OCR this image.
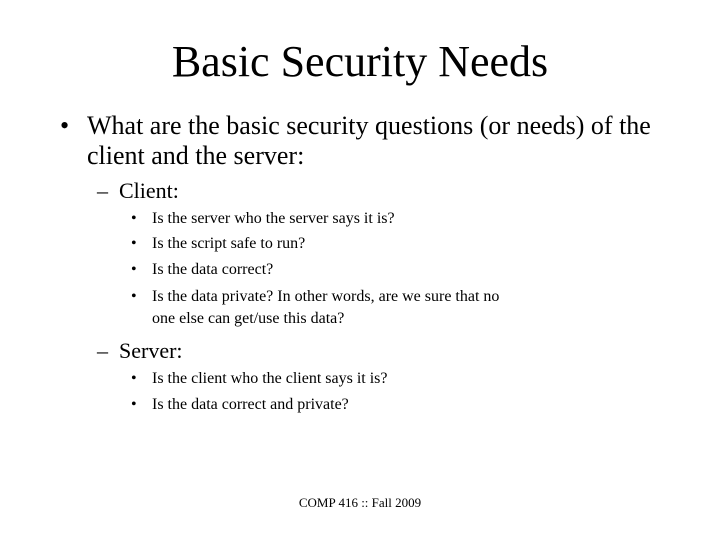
Basic Security Needs
• What are the basic security questions (or needs) of the client and the server:
– Client:
• Is the server who the server says it is?
• Is the script safe to run?
• Is the data correct?
• Is the data private? In other words, are we sure that no one else can get/use this data?
– Server:
• Is the client who the client says it is?
• Is the data correct and private?
COMP 416 :: Fall 2009
